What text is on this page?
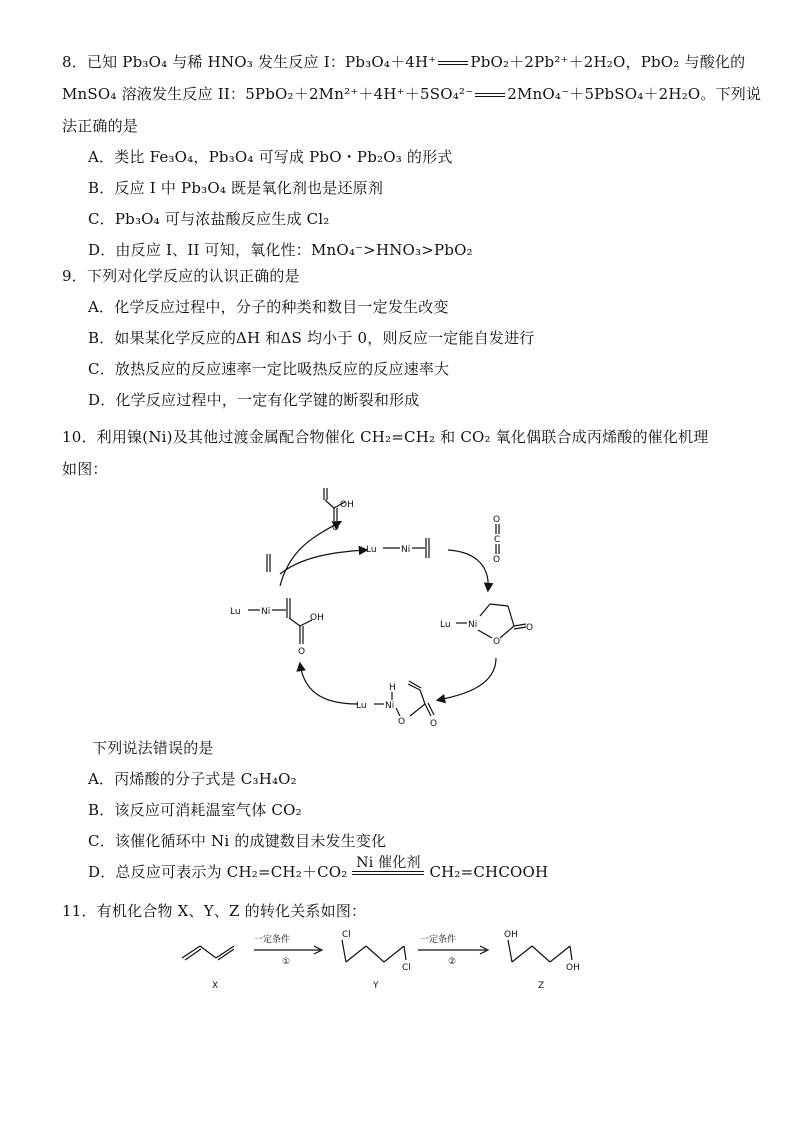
8．已知 Pb₃O₄ 与稀 HNO₃ 发生反应 I：Pb₃O₄＋4H⁺ PbO₂＋2Pb²⁺＋2H₂O，PbO₂ 与酸化的
MnSO₄ 溶液发生反应 II：5PbO₂＋2Mn²⁺＋4H⁺＋5SO₄²⁻ 2MnO₄⁻＋5PbSO₄＋2H₂O。下列说
法正确的是
A．类比 Fe₃O₄，Pb₃O₄ 可写成 PbO・Pb₂O₃ 的形式
B．反应 I 中 Pb₃O₄ 既是氧化剂也是还原剂
C．Pb₃O₄ 可与浓盐酸反应生成 Cl₂
D．由反应 I、II 可知，氧化性：MnO₄⁻>HNO₃>PbO₂
9．下列对化学反应的认识正确的是
A．化学反应过程中，分子的种类和数目一定发生改变
B．如果某化学反应的ΔH 和ΔS 均小于 0，则反应一定能自发进行
C．放热反应的反应速率一定比吸热反应的反应速率大
D．化学反应过程中，一定有化学键的断裂和形成
10．利用镍(Ni)及其他过渡金属配合物催化 CH₂=CH₂ 和 CO₂ 氧化偶联合成丙烯酸的催化机理
如图：
OH
O
Lu	Ni
O
C
O
Lu Ni
OH
O
Lu Ni
O
O
Lu Ni
H
O	O
下列说法错误的是
A．丙烯酸的分子式是 C₃H₄O₂
B．该反应可消耗温室气体 CO₂
C．该催化循环中 Ni 的成键数目未发生变化
D．总反应可表示为 CH₂=CH₂＋CO₂ Ni 催化剂 CH₂=CHCOOH
11．有机化合物 X、Y、Z 的转化关系如图：
一定条件
①
Cl
Cl
一定条件
②
OH
OH
X	Y	Z
